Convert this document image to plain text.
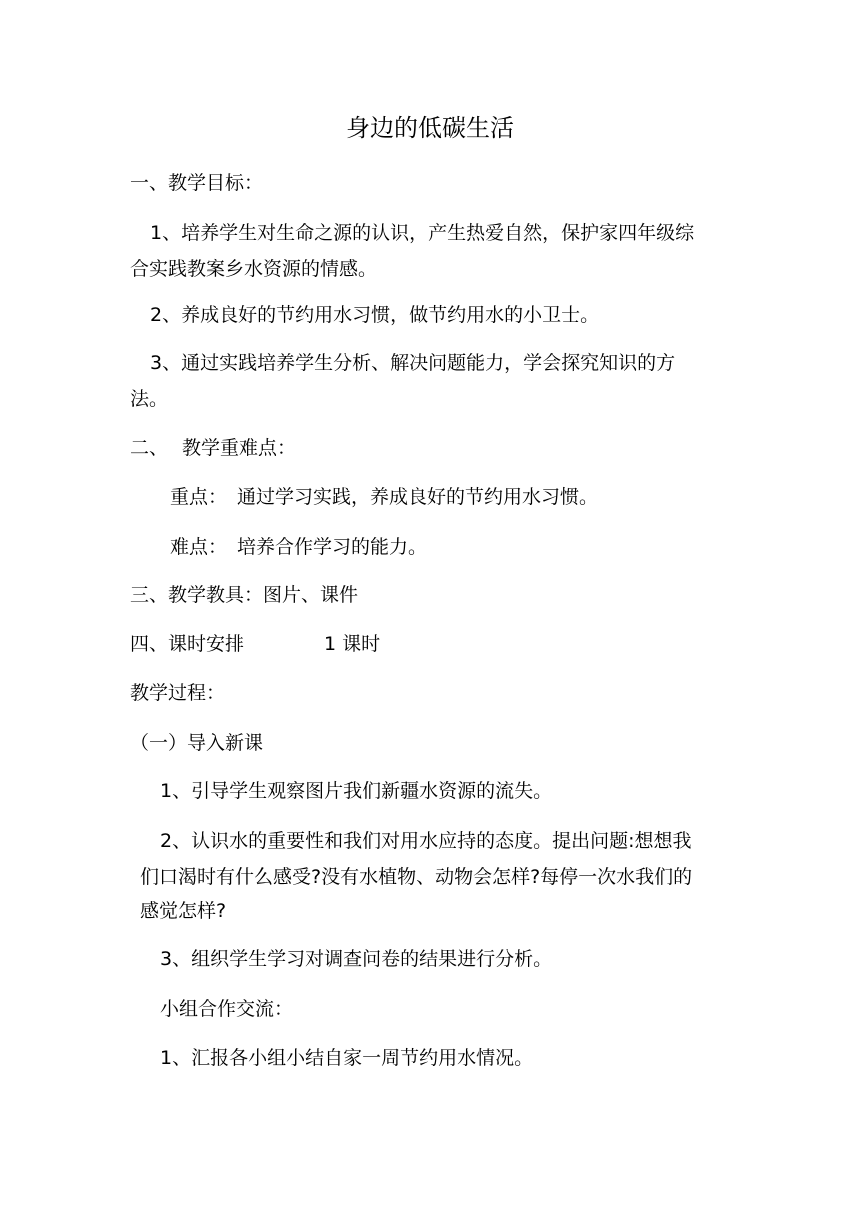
身边的低碳生活
一、教学目标：
1、培养学生对生命之源的认识，产生热爱自然，保护家四年级综
合实践教案乡水资源的情感。
2、养成良好的节约用水习惯，做节约用水的小卫士。
3、通过实践培养学生分析、解决问题能力，学会探究知识的方
法。
二、 教学重难点：
重点： 通过学习实践，养成良好的节约用水习惯。
难点： 培养合作学习的能力。
三、教学教具：图片、课件
四、课时安排	1 课时
教学过程：
（一）导入新课
1、引导学生观察图片我们新疆水资源的流失。
2、认识水的重要性和我们对用水应持的态度。提出问题:想想我
们口渴时有什么感受?没有水植物、动物会怎样?每停一次水我们的
感觉怎样?
3、组织学生学习对调查问卷的结果进行分析。
小组合作交流：
1、汇报各小组小结自家一周节约用水情况。
